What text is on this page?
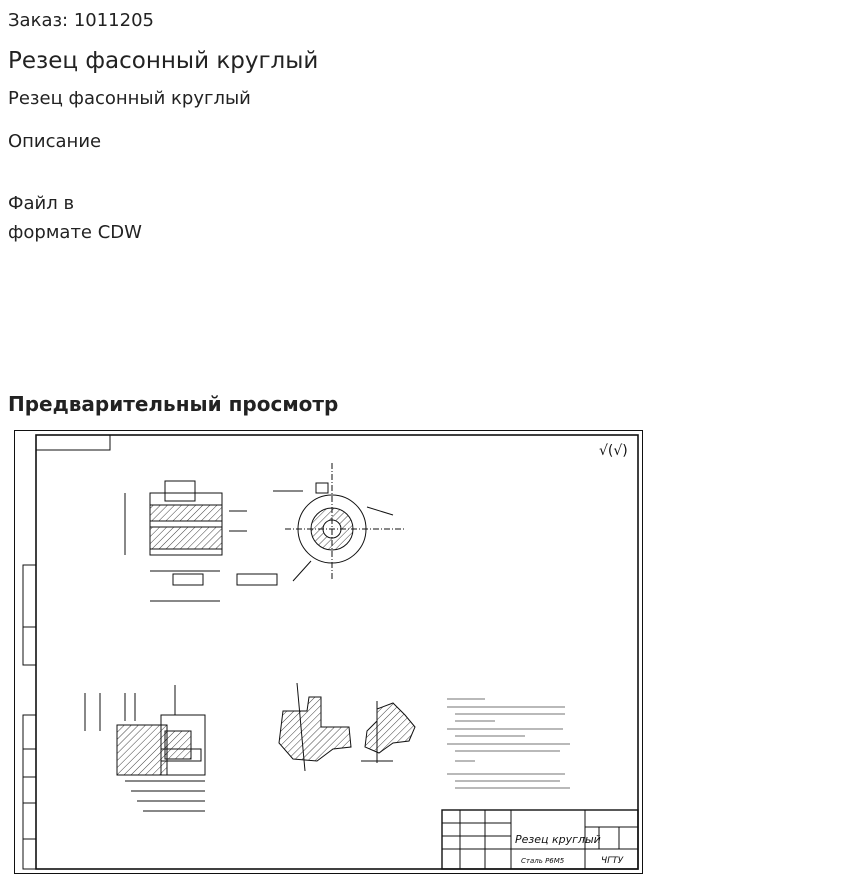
Заказ: 1011205
Резец фасонный круглый
Резец фасонный круглый
Описание
Файл в
формате CDW
Предварительный просмотр
√(√)
Резец круглый
Сталь Р6М5	ЧГТУ
